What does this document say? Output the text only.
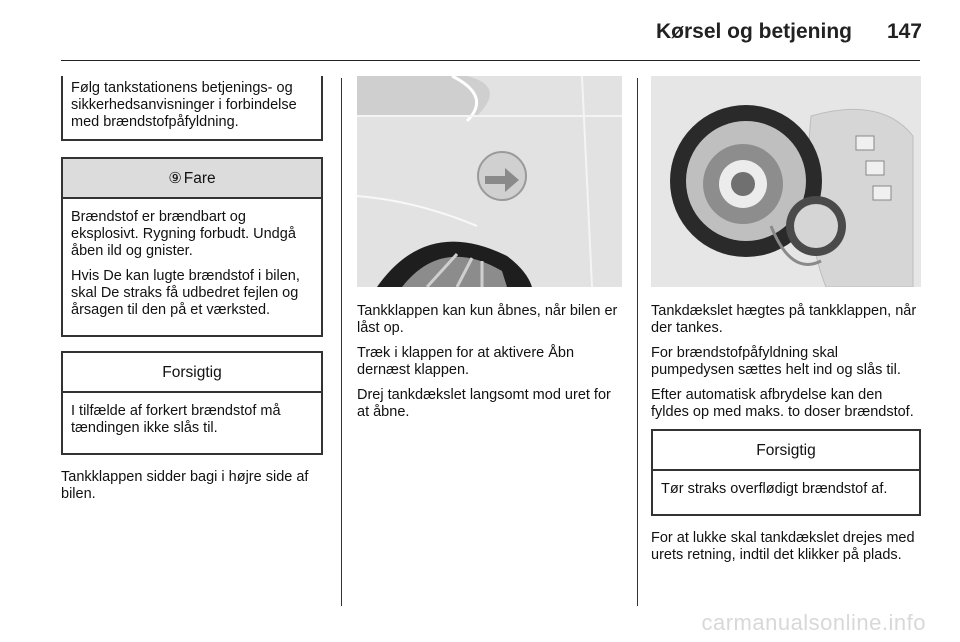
Kørsel og betjening 147
Følg tankstationens betjenings- og sikkerhedsanvisninger i forbindelse med brændstofpåfyldning.
⑨ Fare

Brændstof er brændbart og eksplosivt. Rygning forbudt. Undgå åben ild og gnister.

Hvis De kan lugte brændstof i bilen, skal De straks få udbedret fejlen og årsagen til den på et værksted.

Forsigtig

I tilfælde af forkert brændstof må tændingen ikke slås til.

Tankklappen sidder bagi i højre side af bilen.

Tankklappen kan kun åbnes, når bilen er låst op.

Træk i klappen for at aktivere Åbn dernæst klappen.

Drej tankdækslet langsomt mod uret for at åbne.

Tankdækslet hægtes på tankklappen, når der tankes.

For brændstofpåfyldning skal pumpedysen sættes helt ind og slås til.

Efter automatisk afbrydelse kan den fyldes op med maks. to doser brændstof.

Forsigtig

Tør straks overflødigt brændstof af.

For at lukke skal tankdækslet drejes med urets retning, indtil det klikker på plads.

carmanualsonline.info
